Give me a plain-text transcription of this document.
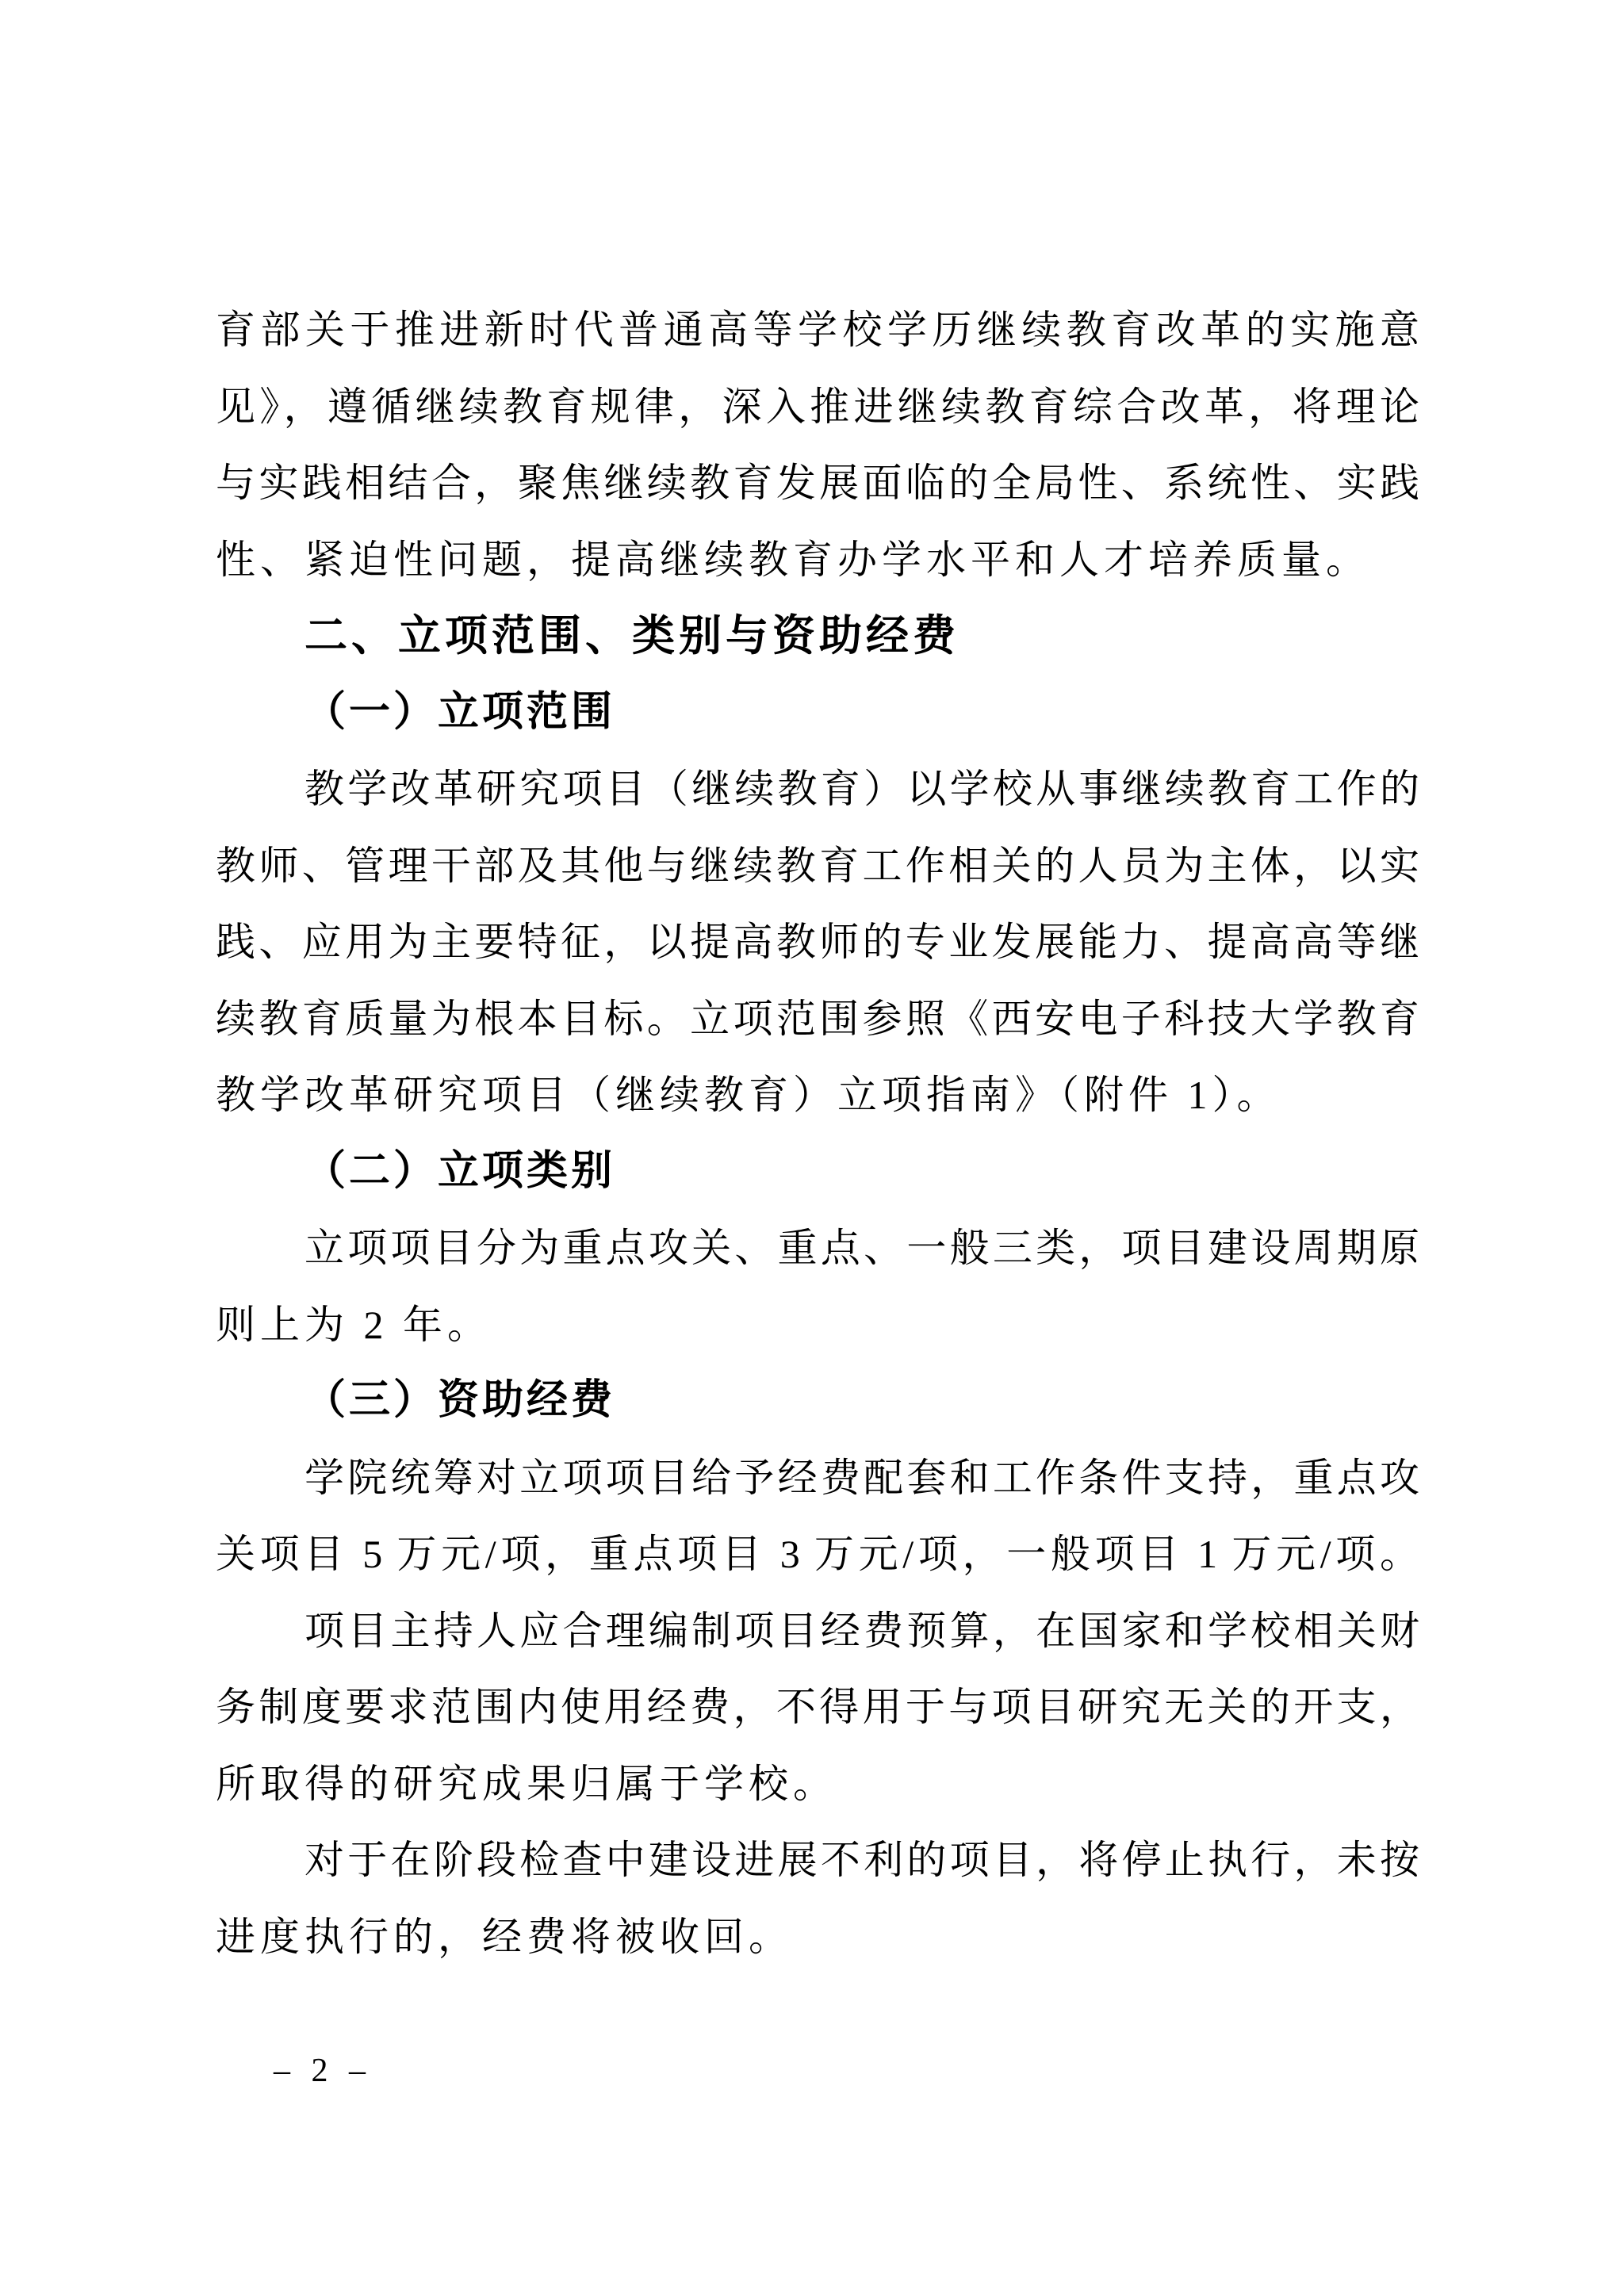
育部关于推进新时代普通高等学校学历继续教育改革的实施意
见》，遵循继续教育规律，深入推进继续教育综合改革，将理论
与实践相结合，聚焦继续教育发展面临的全局性、系统性、实践
性、紧迫性问题，提高继续教育办学水平和人才培养质量。
二、立项范围、类别与资助经费
（一）立项范围
教学改革研究项目（继续教育）以学校从事继续教育工作的
教师、管理干部及其他与继续教育工作相关的人员为主体，以实
践、应用为主要特征，以提高教师的专业发展能力、提高高等继
续教育质量为根本目标。立项范围参照《西安电子科技大学教育
教学改革研究项目（继续教育）立项指南》（附件 1）。
（二）立项类别
立项项目分为重点攻关、重点、一般三类，项目建设周期原
则上为 2 年。
（三）资助经费
学院统筹对立项项目给予经费配套和工作条件支持，重点攻
关项目 5 万元/项，重点项目 3 万元/项，一般项目 1 万元/项。
项目主持人应合理编制项目经费预算，在国家和学校相关财
务制度要求范围内使用经费，不得用于与项目研究无关的开支，
所取得的研究成果归属于学校。
对于在阶段检查中建设进展不利的项目，将停止执行，未按
进度执行的，经费将被收回。
– 2 –
